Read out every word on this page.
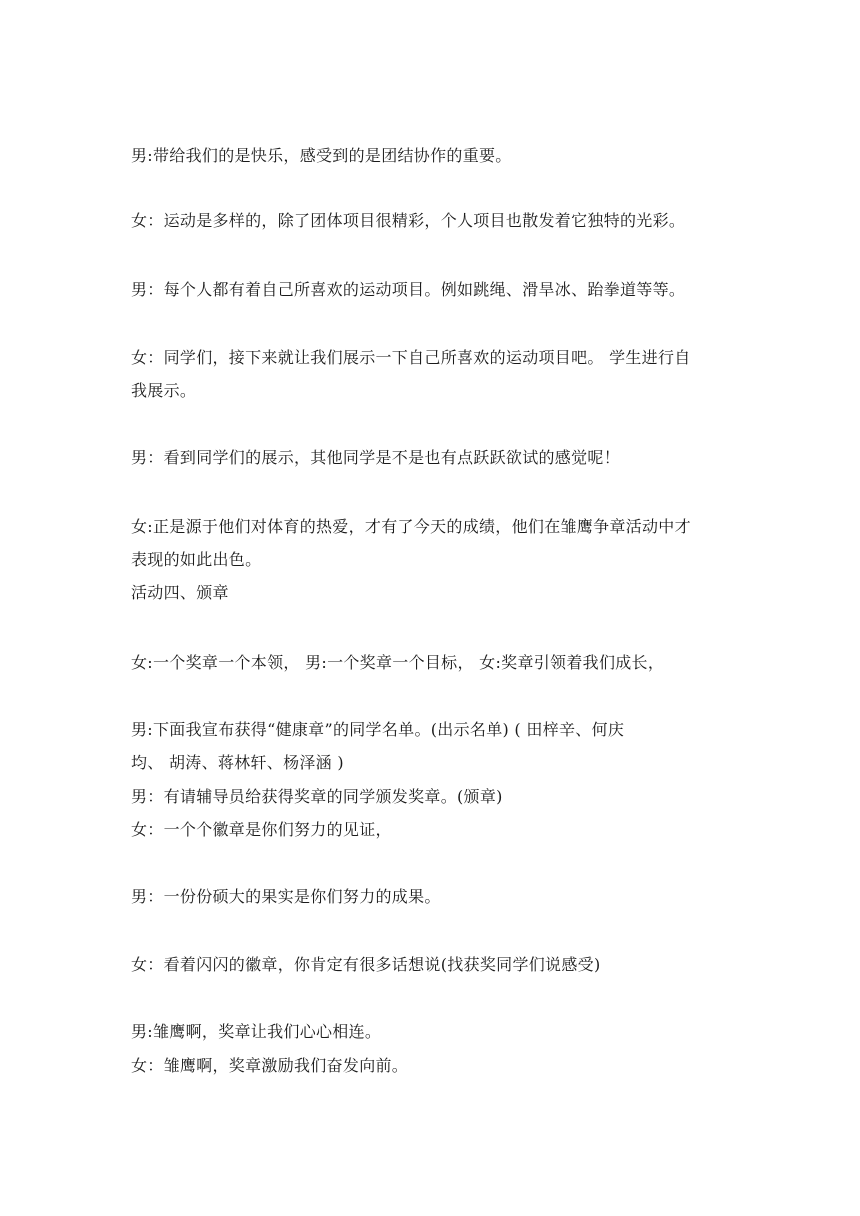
男:带给我们的是快乐，感受到的是团结协作的重要。
女：运动是多样的，除了团体项目很精彩，个人项目也散发着它独特的光彩。
男：每个人都有着自己所喜欢的运动项目。例如跳绳、滑旱冰、跆拳道等等。
女：同学们，接下来就让我们展示一下自己所喜欢的运动项目吧。 学生进行自
我展示。
男：看到同学们的展示，其他同学是不是也有点跃跃欲试的感觉呢！
女:正是源于他们对体育的热爱，才有了今天的成绩，他们在雏鹰争章活动中才
表现的如此出色。
活动四、颁章
女:一个奖章一个本领， 男:一个奖章一个目标， 女:奖章引领着我们成长，
男:下面我宣布获得“健康章”的同学名单。(出示名单) ( 田梓辛、何庆
均、 胡涛、蒋林轩、杨泽涵 )
男：有请辅导员给获得奖章的同学颁发奖章。(颁章)
女：一个个徽章是你们努力的见证，
男：一份份硕大的果实是你们努力的成果。
女：看着闪闪的徽章，你肯定有很多话想说(找获奖同学们说感受)
男:雏鹰啊，奖章让我们心心相连。
女：雏鹰啊，奖章激励我们奋发向前。
